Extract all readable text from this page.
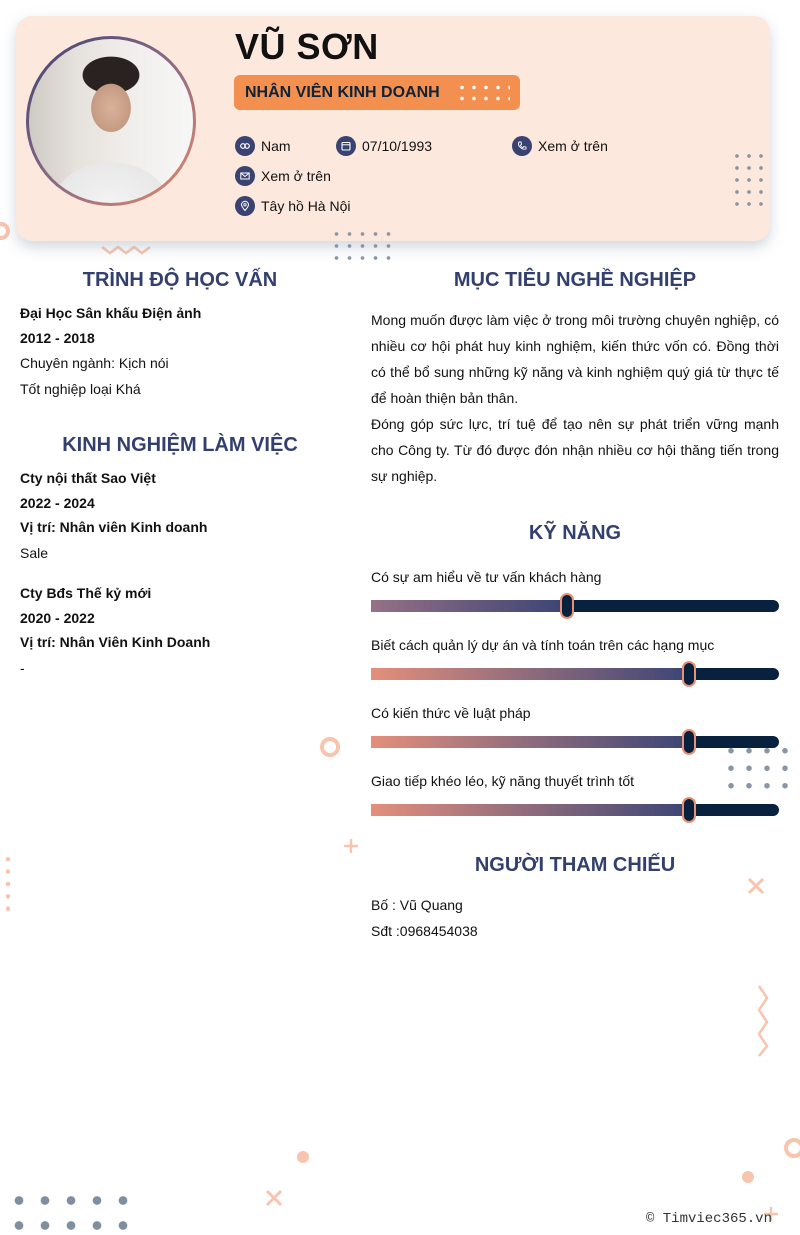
VŨ SƠN
NHÂN VIÊN KINH DOANH
Nam	07/10/1993	Xem ở trên
Xem ở trên
Tây hồ Hà Nội
TRÌNH ĐỘ HỌC VẤN
Đại Học Sân khấu Điện ảnh
2012 - 2018
Chuyên ngành: Kịch nói
Tốt nghiệp loại Khá
KINH NGHIỆM LÀM VIỆC
Cty nội thất Sao Việt
2022 - 2024
Vị trí: Nhân viên Kinh doanh
Sale
Cty Bđs Thế kỷ mới
2020 - 2022
Vị trí: Nhân Viên Kinh Doanh
-
MỤC TIÊU NGHỀ NGHIỆP
Mong muốn được làm việc ở trong môi trường chuyên nghiệp, có nhiều cơ hội phát huy kinh nghiệm, kiến thức vốn có. Đồng thời có thể bổ sung những kỹ năng và kinh nghiệm quý giá từ thực tế để hoàn thiện bản thân.
Đóng góp sức lực, trí tuệ để tạo nên sự phát triển vững mạnh cho Công ty. Từ đó được đón nhận nhiều cơ hội thăng tiến trong sự nghiệp.
KỸ NĂNG
Có sự am hiểu về tư vấn khách hàng
Biết cách quản lý dự án và tính toán trên các hạng mục
Có kiến thức về luật pháp
Giao tiếp khéo léo, kỹ năng thuyết trình tốt
NGƯỜI THAM CHIẾU
Bố : Vũ Quang
Sđt :0968454038
© Timviec365.vn
